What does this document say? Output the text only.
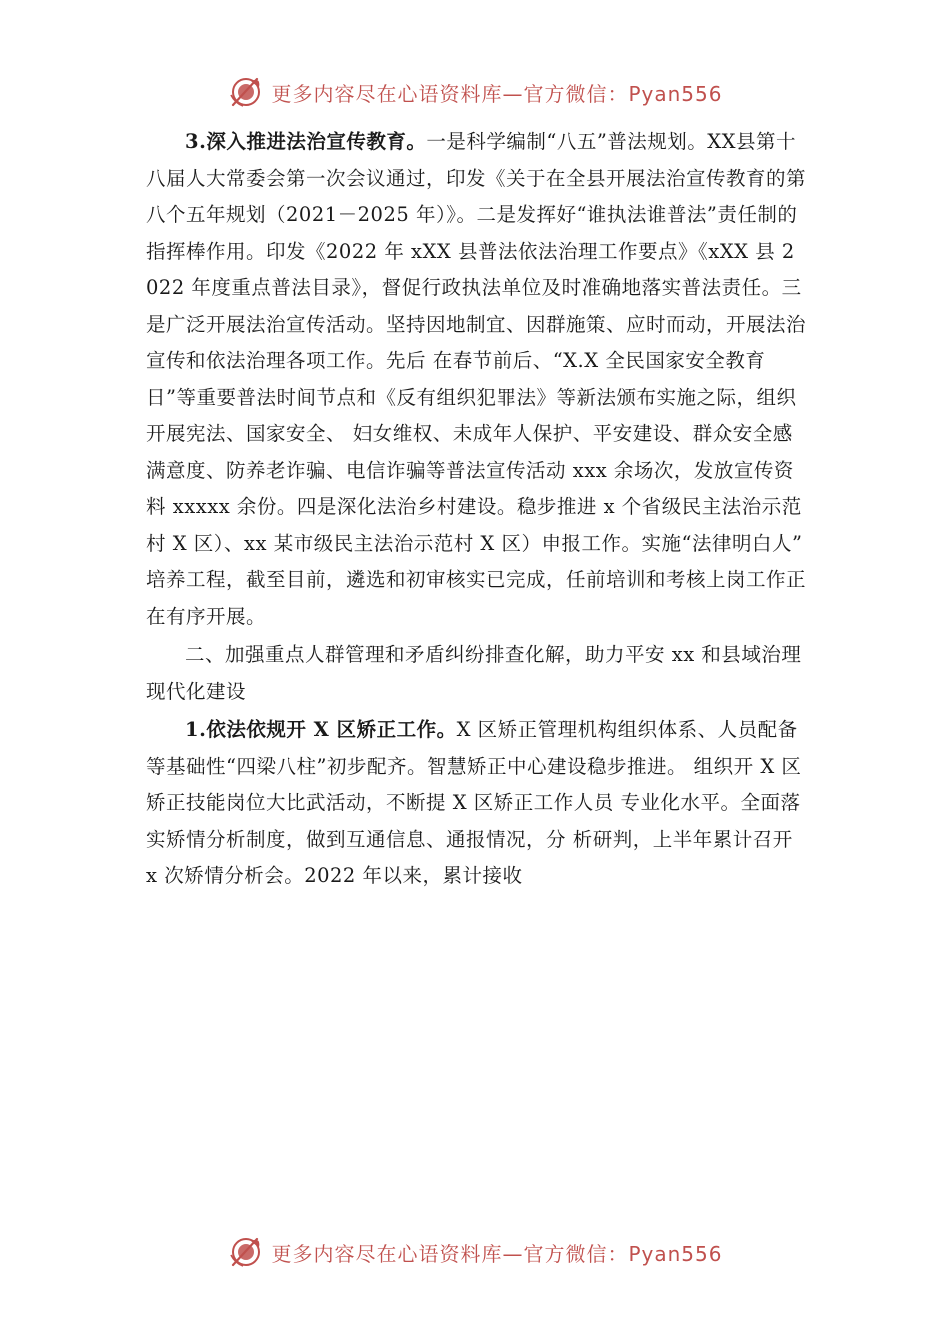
更多内容尽在心语资料库—官方微信：Pyan556

3.深入推进法治宣传教育。一是科学编制“八五”普法规划。XX县第十八届人大常委会第一次会议通过，印发《关于在全县开展法治宣传教育的第八个五年规划（2021－2025 年）》。二是发挥好“谁执法谁普法”责任制的指挥棒作用。印发《2022 年 xXX 县普法依法治理工作要点》《xXX 县 2022 年度重点普法目录》，督促行政执法单位及时准确地落实普法责任。三是广泛开展法治宣传活动。坚持因地制宜、因群施策、应时而动，开展法治宣传和依法治理各项工作。先后 在春节前后、“X.X 全民国家安全教育日”等重要普法时间节点和《反有组织犯罪法》等新法颁布实施之际，组织开展宪法、国家安全、 妇女维权、未成年人保护、平安建设、群众安全感满意度、防养老诈骗、电信诈骗等普法宣传活动 xxx 余场次，发放宣传资料 xxxxx 余份。四是深化法治乡村建设。稳步推进 x 个省级民主法治示范村 X 区）、xx 某市级民主法治示范村 X 区）申报工作。实施“法律明白人” 培养工程，截至目前，遴选和初审核实已完成，任前培训和考核上岗工作正在有序开展。

二、加强重点人群管理和矛盾纠纷排查化解，助力平安 xx 和县域治理现代化建设

1.依法依规开 X 区矫正工作。X 区矫正管理机构组织体系、人员配备等基础性“四梁八柱”初步配齐。智慧矫正中心建设稳步推进。 组织开 X 区矫正技能岗位大比武活动，不断提 X 区矫正工作人员 专业化水平。全面落实矫情分析制度，做到互通信息、通报情况，分 析研判，上半年累计召开 x 次矫情分析会。2022 年以来，累计接收

更多内容尽在心语资料库—官方微信：Pyan556
